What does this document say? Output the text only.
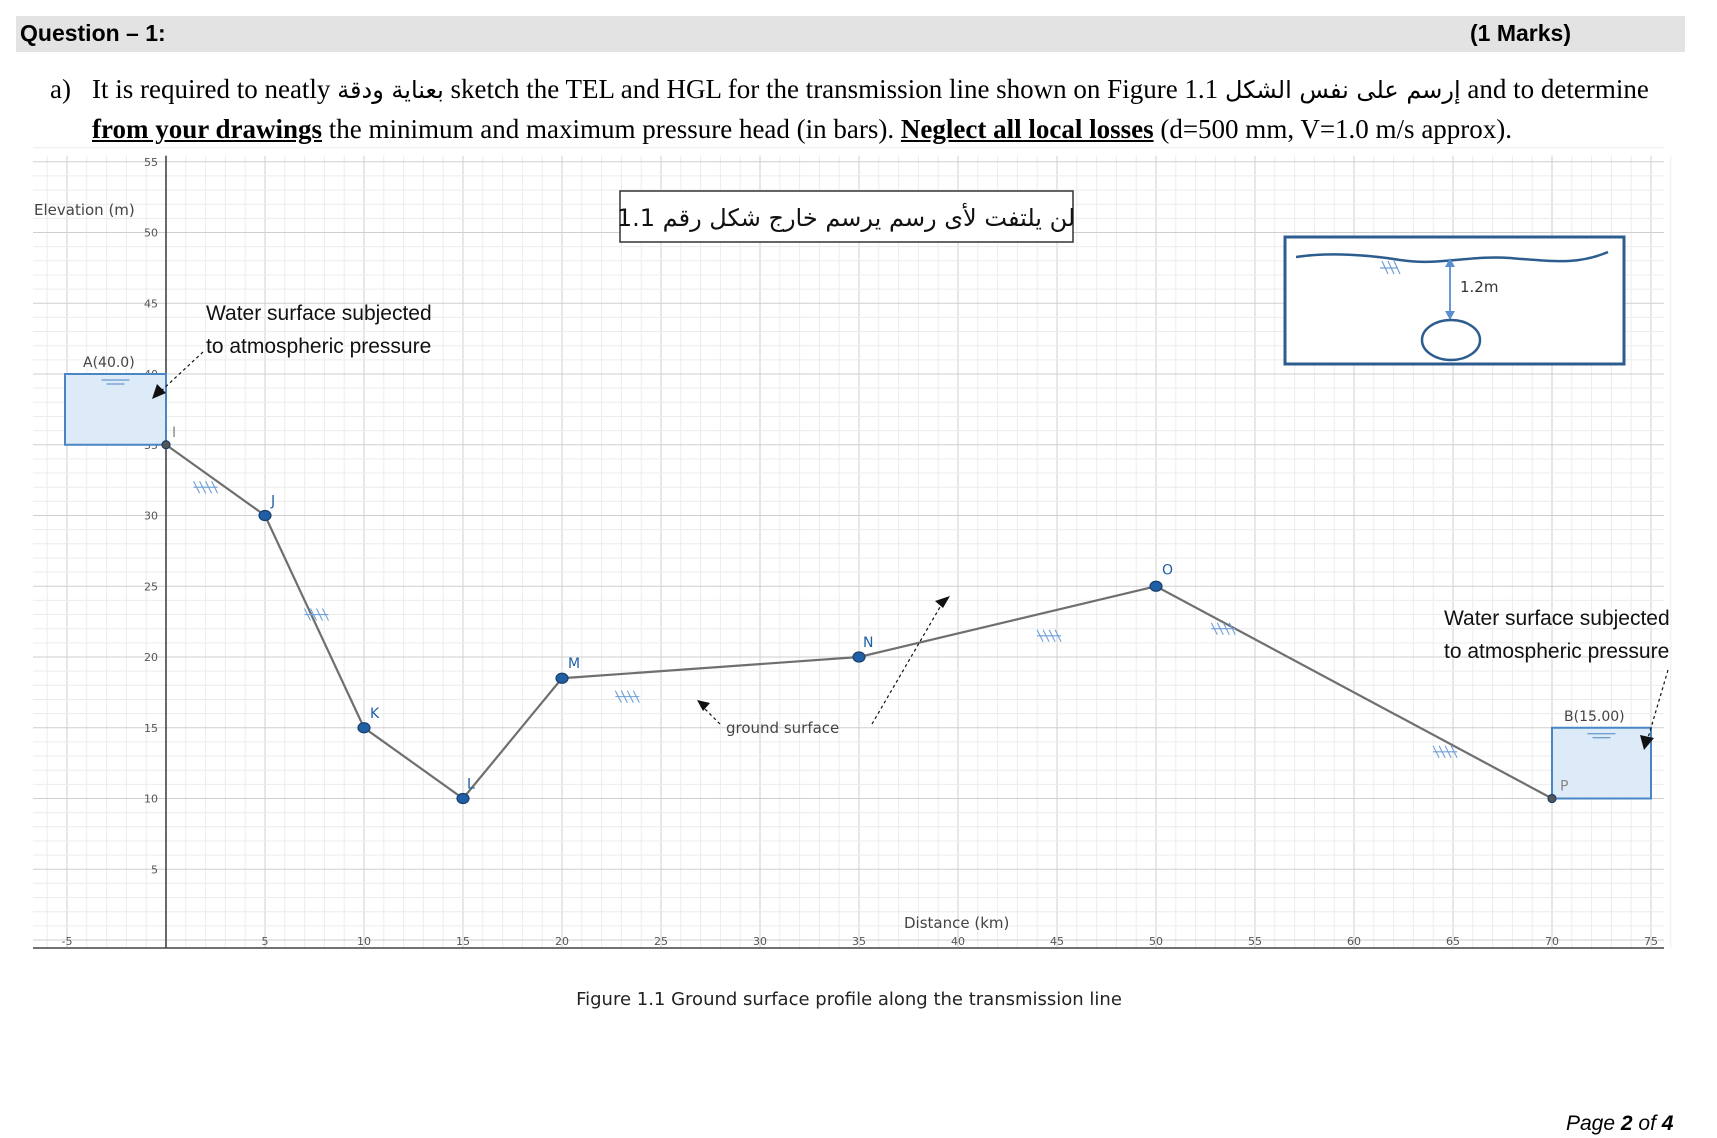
Question – 1:	(1 Marks)
a) It is required to neatly بعناية ودقة sketch the TEL and HGL for the transmission line shown on Figure 1.1 إرسم على نفس الشكل and to determine from your drawings the minimum and maximum pressure head (in bars). Neglect all local losses (d=500 mm, V=1.0 m/s approx).
-5	5	10	15	20	25	30	35	40	45	50	55	60	65	70	75
5
10
15
20
25
30
45
50
55
A(40.0)
B(15.00)
I
J
K
L
M
N
O
P
Elevation (m)
Distance (km)
لن يلتفت لأى رسم يرسم خارج شكل رقم 1.1
1.2m
Water surface subjected
to atmospheric pressure
Water surface subjected
to atmospheric pressure
ground surface
Figure 1.1 Ground surface profile along the transmission line
Page 2 of 4
